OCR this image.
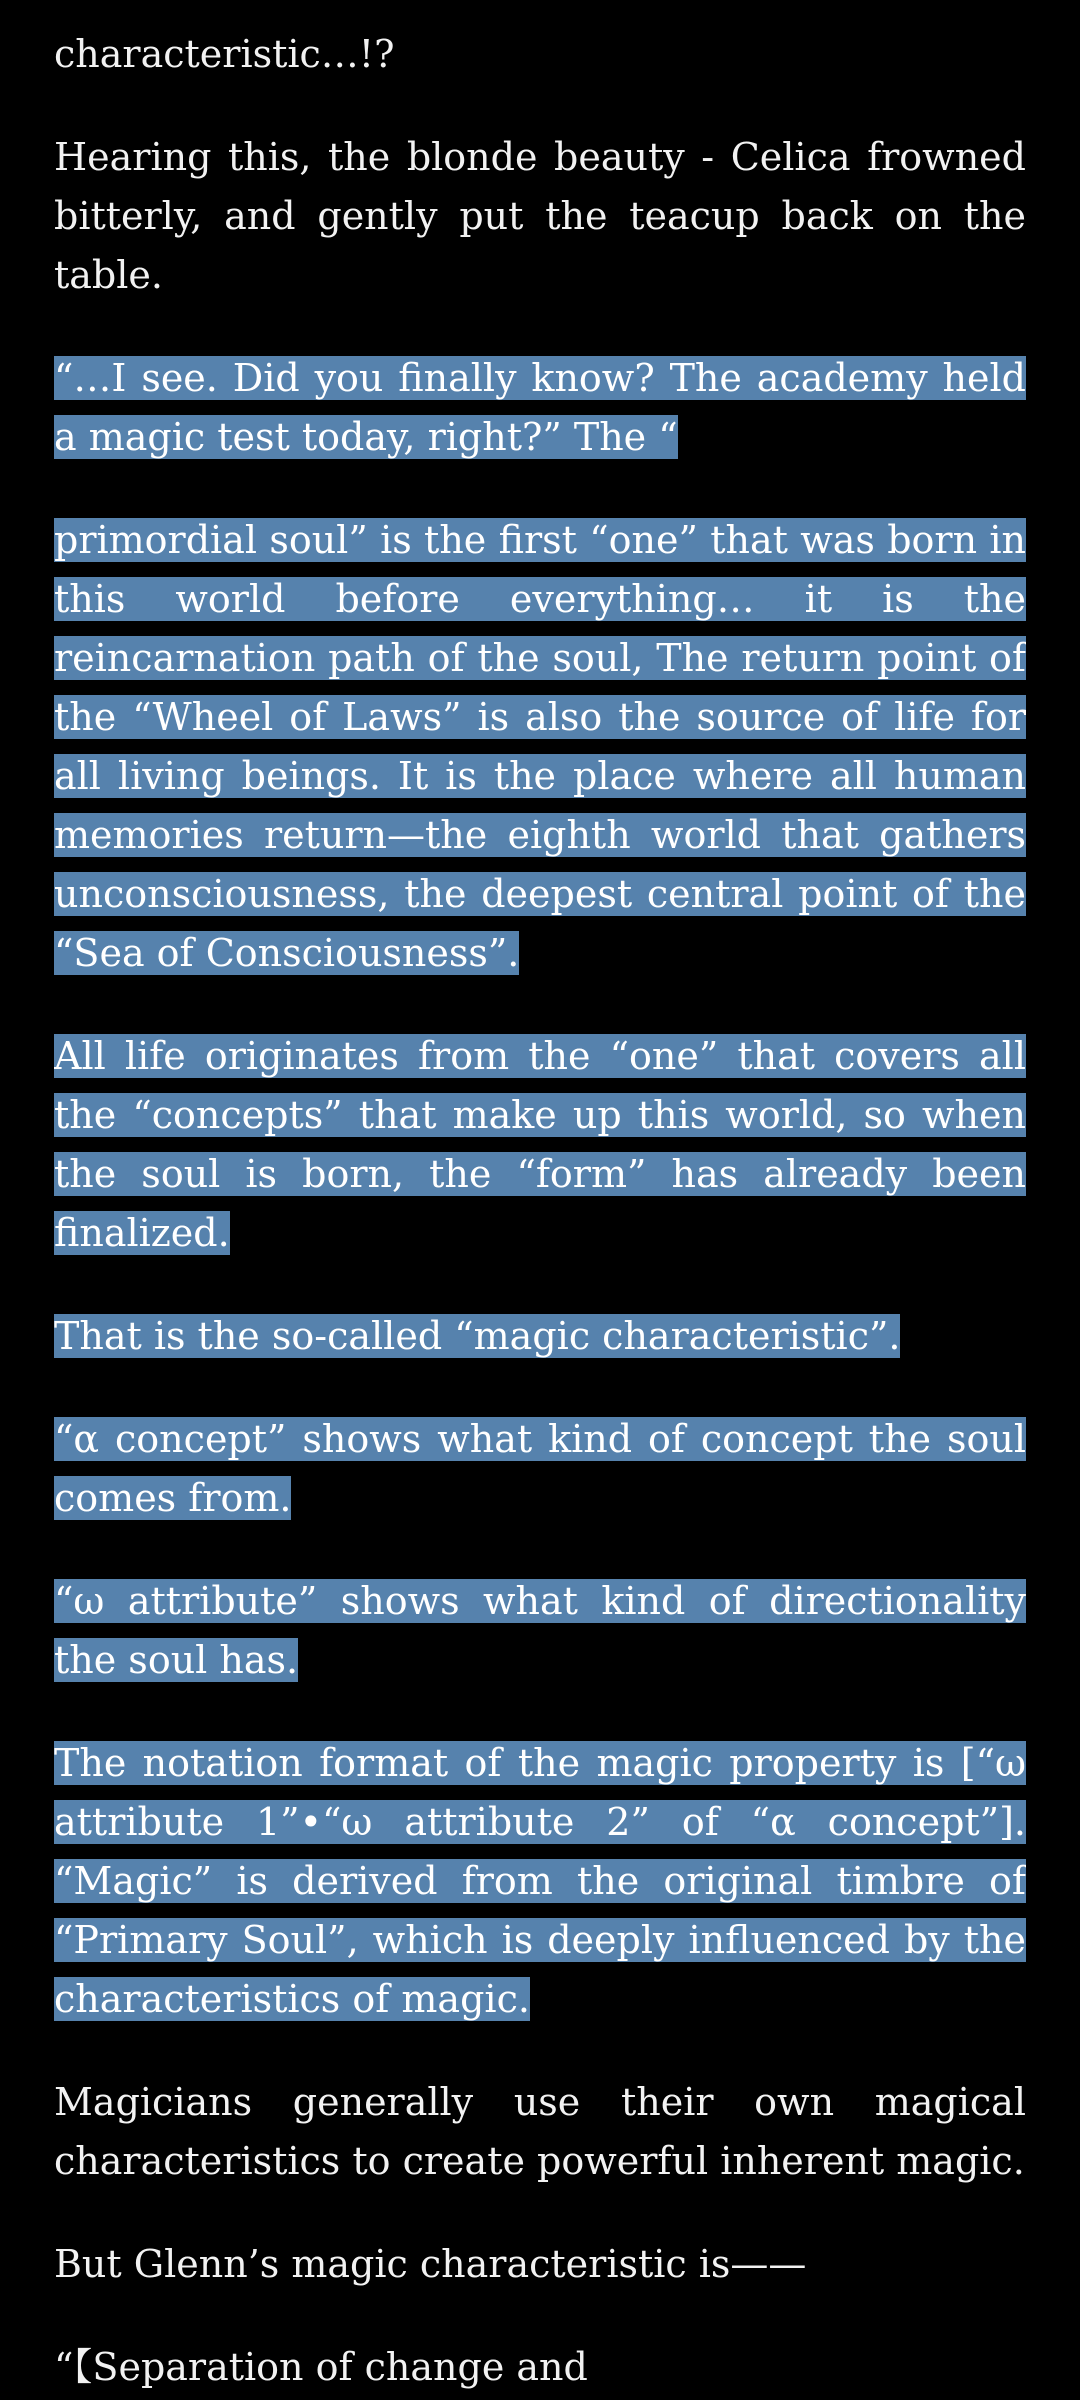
characteristic…!?

Hearing this, the blonde beauty - Celica frowned bitterly, and gently put the teacup back on the table.

“…I see. Did you finally know? The academy held a magic test today, right?” The “

primordial soul” is the first “one” that was born in this world before everything… it is the reincarnation path of the soul, The return point of the “Wheel of Laws” is also the source of life for all living beings. It is the place where all human memories return—the eighth world that gathers unconsciousness, the deepest central point of the “Sea of Consciousness”.

All life originates from the “one” that covers all the “concepts” that make up this world, so when the soul is born, the “form” has already been finalized.

That is the so-called “magic characteristic”.

“α concept” shows what kind of concept the soul comes from.

“ω attribute” shows what kind of directionality the soul has.

The notation format of the magic property is [“ω attribute 1”•“ω attribute 2” of “α concept”]. “Magic” is derived from the original timbre of “Primary Soul”, which is deeply influenced by the characteristics of magic.

Magicians generally use their own magical characteristics to create powerful inherent magic.

But Glenn’s magic characteristic is——

“【Separation of change and
